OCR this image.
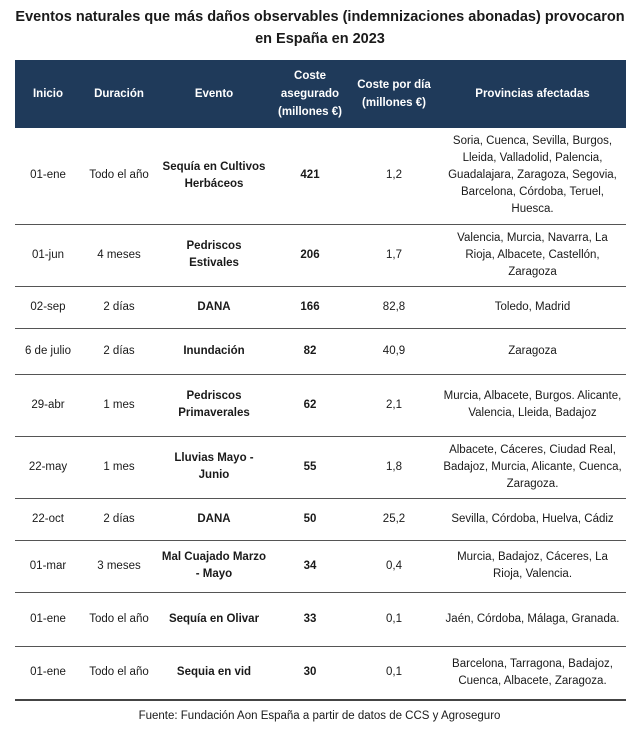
Eventos naturales que más daños observables (indemnizaciones abonadas) provocaron en España en 2023
Inicio	Duración	Evento	Coste asegurado (millones €)	Coste por día (millones €)	Provincias afectadas
01-ene	Todo el año	Sequía en Cultivos Herbáceos	421	1,2	Soria, Cuenca, Sevilla, Burgos, Lleida, Valladolid, Palencia, Guadalajara, Zaragoza, Segovia, Barcelona, Córdoba, Teruel, Huesca.
01-jun	4 meses	Pedriscos Estivales	206	1,7	Valencia, Murcia, Navarra, La Rioja, Albacete, Castellón, Zaragoza
02-sep	2 días	DANA	166	82,8	Toledo, Madrid
6 de julio	2 días	Inundación	82	40,9	Zaragoza
29-abr	1 mes	Pedriscos Primaverales	62	2,1	Murcia, Albacete, Burgos. Alicante, Valencia, Lleida, Badajoz
22-may	1 mes	Lluvias Mayo - Junio	55	1,8	Albacete, Cáceres, Ciudad Real, Badajoz, Murcia, Alicante, Cuenca, Zaragoza.
22-oct	2 días	DANA	50	25,2	Sevilla, Córdoba, Huelva, Cádiz
01-mar	3 meses	Mal Cuajado Marzo - Mayo	34	0,4	Murcia, Badajoz, Cáceres, La Rioja, Valencia.
01-ene	Todo el año	Sequía en Olivar	33	0,1	Jaén, Córdoba, Málaga, Granada.
01-ene	Todo el año	Sequia en vid	30	0,1	Barcelona, Tarragona, Badajoz, Cuenca, Albacete, Zaragoza.
Fuente: Fundación Aon España a partir de datos de CCS y Agroseguro
